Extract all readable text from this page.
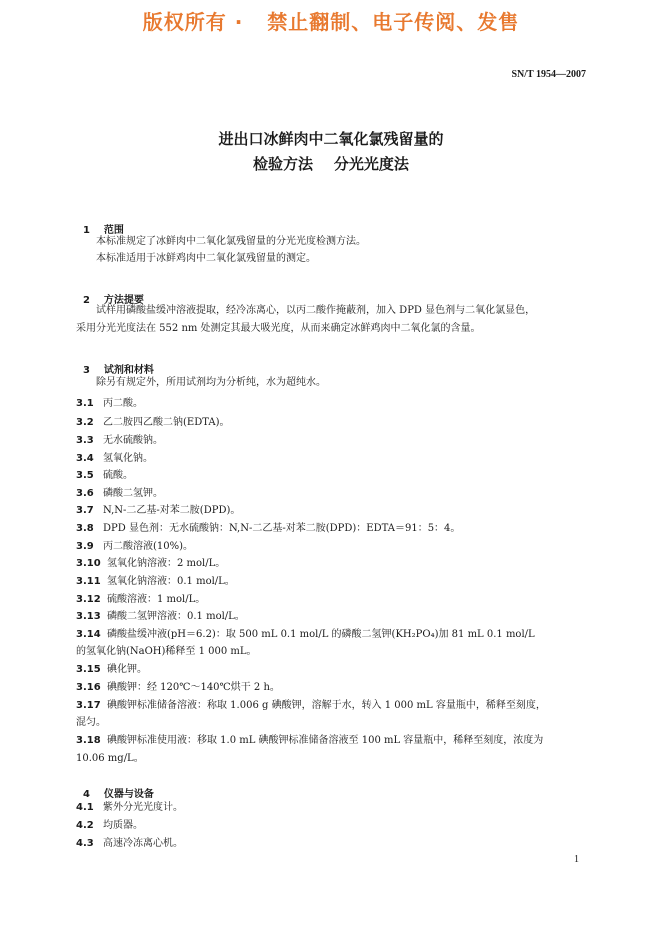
版权所有 ·   禁止翻制、电子传阅、发售
SN/T 1954—2007
进出口冰鲜肉中二氧化氯残留量的
检验方法    分光光度法

1 范围

本标准规定了冰鲜肉中二氧化氯残留量的分光光度检测方法。
本标准适用于冰鲜鸡肉中二氧化氯残留量的测定。

2 方法提要

试样用磷酸盐缓冲溶液提取，经冷冻离心，以丙二酸作掩蔽剂，加入 DPD 显色剂与二氧化氯显色，
采用分光光度法在 552 nm 处测定其最大吸光度，从而来确定冰鲜鸡肉中二氧化氯的含量。

3 试剂和材料

除另有规定外，所用试剂均为分析纯，水为超纯水。
3.1 丙二酸。
3.2 乙二胺四乙酸二钠(EDTA)。
3.3 无水硫酸钠。
3.4 氢氧化钠。
3.5 硫酸。
3.6 磷酸二氢钾。
3.7 N,N-二乙基-对苯二胺(DPD)。
3.8 DPD 显色剂：无水硫酸钠：N,N-二乙基-对苯二胺(DPD)：EDTA＝91：5：4。
3.9 丙二酸溶液(10%)。
3.10 氢氧化钠溶液：2 mol/L。
3.11 氢氧化钠溶液：0.1 mol/L。
3.12 硫酸溶液：1 mol/L。
3.13 磷酸二氢钾溶液：0.1 mol/L。
3.14 磷酸盐缓冲液(pH＝6.2)：取 500 mL 0.1 mol/L 的磷酸二氢钾(KH₂PO₄)加 81 mL 0.1 mol/L
的氢氧化钠(NaOH)稀释至 1 000 mL。
3.15 碘化钾。
3.16 碘酸钾：经 120℃～140℃烘干 2 h。
3.17 碘酸钾标准储备溶液：称取 1.006 g 碘酸钾，溶解于水，转入 1 000 mL 容量瓶中，稀释至刻度，
混匀。
3.18 碘酸钾标准使用液：移取 1.0 mL 碘酸钾标准储备溶液至 100 mL 容量瓶中，稀释至刻度，浓度为
10.06 mg/L。

4 仪器与设备

4.1 紫外分光光度计。
4.2 均质器。
4.3 高速冷冻离心机。
1
